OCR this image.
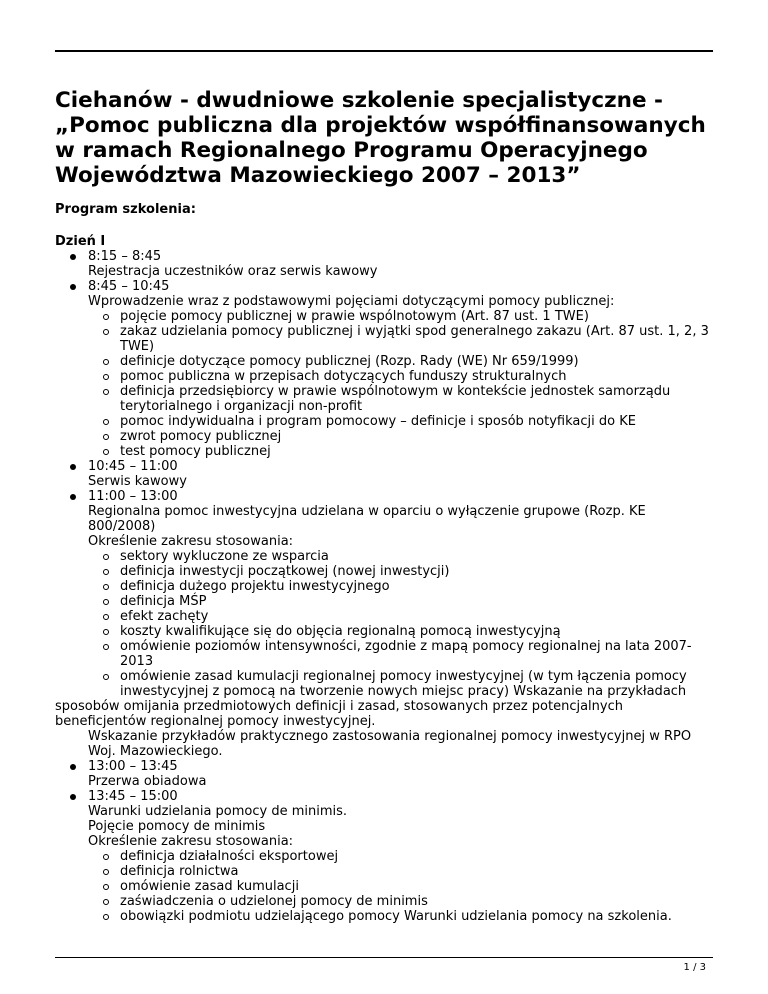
Ciehanów - dwudniowe szkolenie specjalistyczne - „Pomoc publiczna dla projektów współfinansowanych w ramach Regionalnego Programu Operacyjnego Województwa Mazowieckiego 2007 – 2013”

Program szkolenia:

Dzień I

8:15 – 8:45
Rejestracja uczestników oraz serwis kawowy
8:45 – 10:45
Wprowadzenie wraz z podstawowymi pojęciami dotyczącymi pomocy publicznej:
pojęcie pomocy publicznej w prawie wspólnotowym (Art. 87 ust. 1 TWE)
zakaz udzielania pomocy publicznej i wyjątki spod generalnego zakazu (Art. 87 ust. 1, 2, 3 TWE)
definicje dotyczące pomocy publicznej (Rozp. Rady (WE) Nr 659/1999)
pomoc publiczna w przepisach dotyczących funduszy strukturalnych
definicja przedsiębiorcy w prawie wspólnotowym w kontekście jednostek samorządu terytorialnego i organizacji non-profit
pomoc indywidualna i program pomocowy – definicje i sposób notyfikacji do KE
zwrot pomocy publicznej
test pomocy publicznej
10:45 – 11:00
Serwis kawowy
11:00 – 13:00
Regionalna pomoc inwestycyjna udzielana w oparciu o wyłączenie grupowe (Rozp. KE 800/2008)
Określenie zakresu stosowania:
sektory wykluczone ze wsparcia
definicja inwestycji początkowej (nowej inwestycji)
definicja dużego projektu inwestycyjnego
definicja MŚP
efekt zachęty
koszty kwalifikujące się do objęcia regionalną pomocą inwestycyjną
omówienie poziomów intensywności, zgodnie z mapą pomocy regionalnej na lata 2007-2013
omówienie zasad kumulacji regionalnej pomocy inwestycyjnej (w tym łączenia pomocy inwestycyjnej z pomocą na tworzenie nowych miejsc pracy) Wskazanie na przykładach
sposobów omijania przedmiotowych definicji i zasad, stosowanych przez potencjalnych beneficjentów regionalnej pomocy inwestycyjnej.
Wskazanie przykładów praktycznego zastosowania regionalnej pomocy inwestycyjnej w RPO Woj. Mazowieckiego.
13:00 – 13:45
Przerwa obiadowa
13:45 – 15:00
Warunki udzielania pomocy de minimis.
Pojęcie pomocy de minimis
Określenie zakresu stosowania:
definicja działalności eksportowej
definicja rolnictwa
omówienie zasad kumulacji
zaświadczenia o udzielonej pomocy de minimis
obowiązki podmiotu udzielającego pomocy Warunki udzielania pomocy na szkolenia.
1 / 3
